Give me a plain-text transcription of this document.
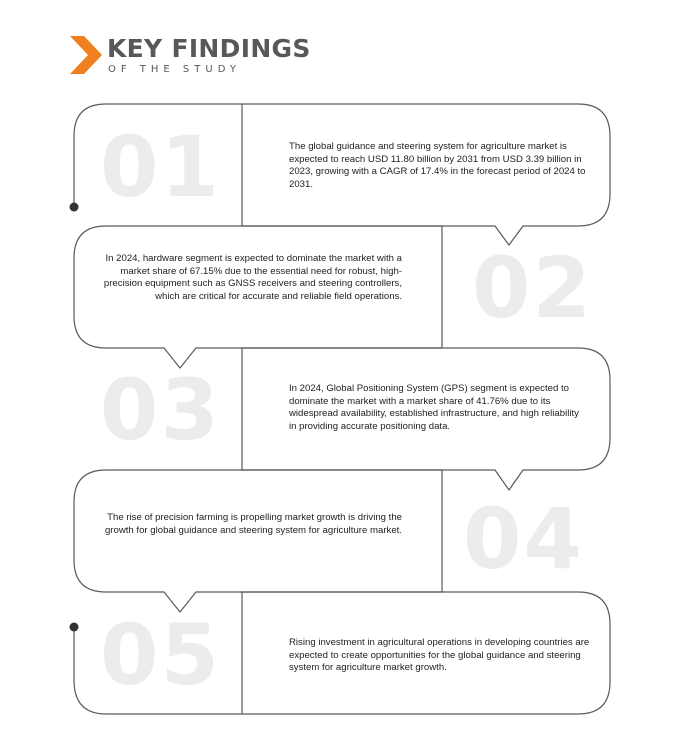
KEY FINDINGS
OF THE STUDY
01	The global guidance and steering system for agriculture market is expected to reach USD 11.80 billion by 2031 from USD 3.39 billion in 2023, growing with a CAGR of 17.4% in the forecast period of 2024 to 2031.
02
In 2024, hardware segment is expected to dominate the market with a market share of 67.15% due to the essential need for robust, high-precision equipment such as GNSS receivers and steering controllers, which are critical for accurate and reliable field operations.
03	In 2024, Global Positioning System (GPS) segment is expected to dominate the market with a market share of 41.76% due to its widespread availability, established infrastructure, and high reliability in providing accurate positioning data.
04
The rise of precision farming is propelling market growth is driving the growth for global guidance and steering system for agriculture market.
05	Rising investment in agricultural operations in developing countries are expected to create opportunities for the global guidance and steering system for agriculture market growth.
